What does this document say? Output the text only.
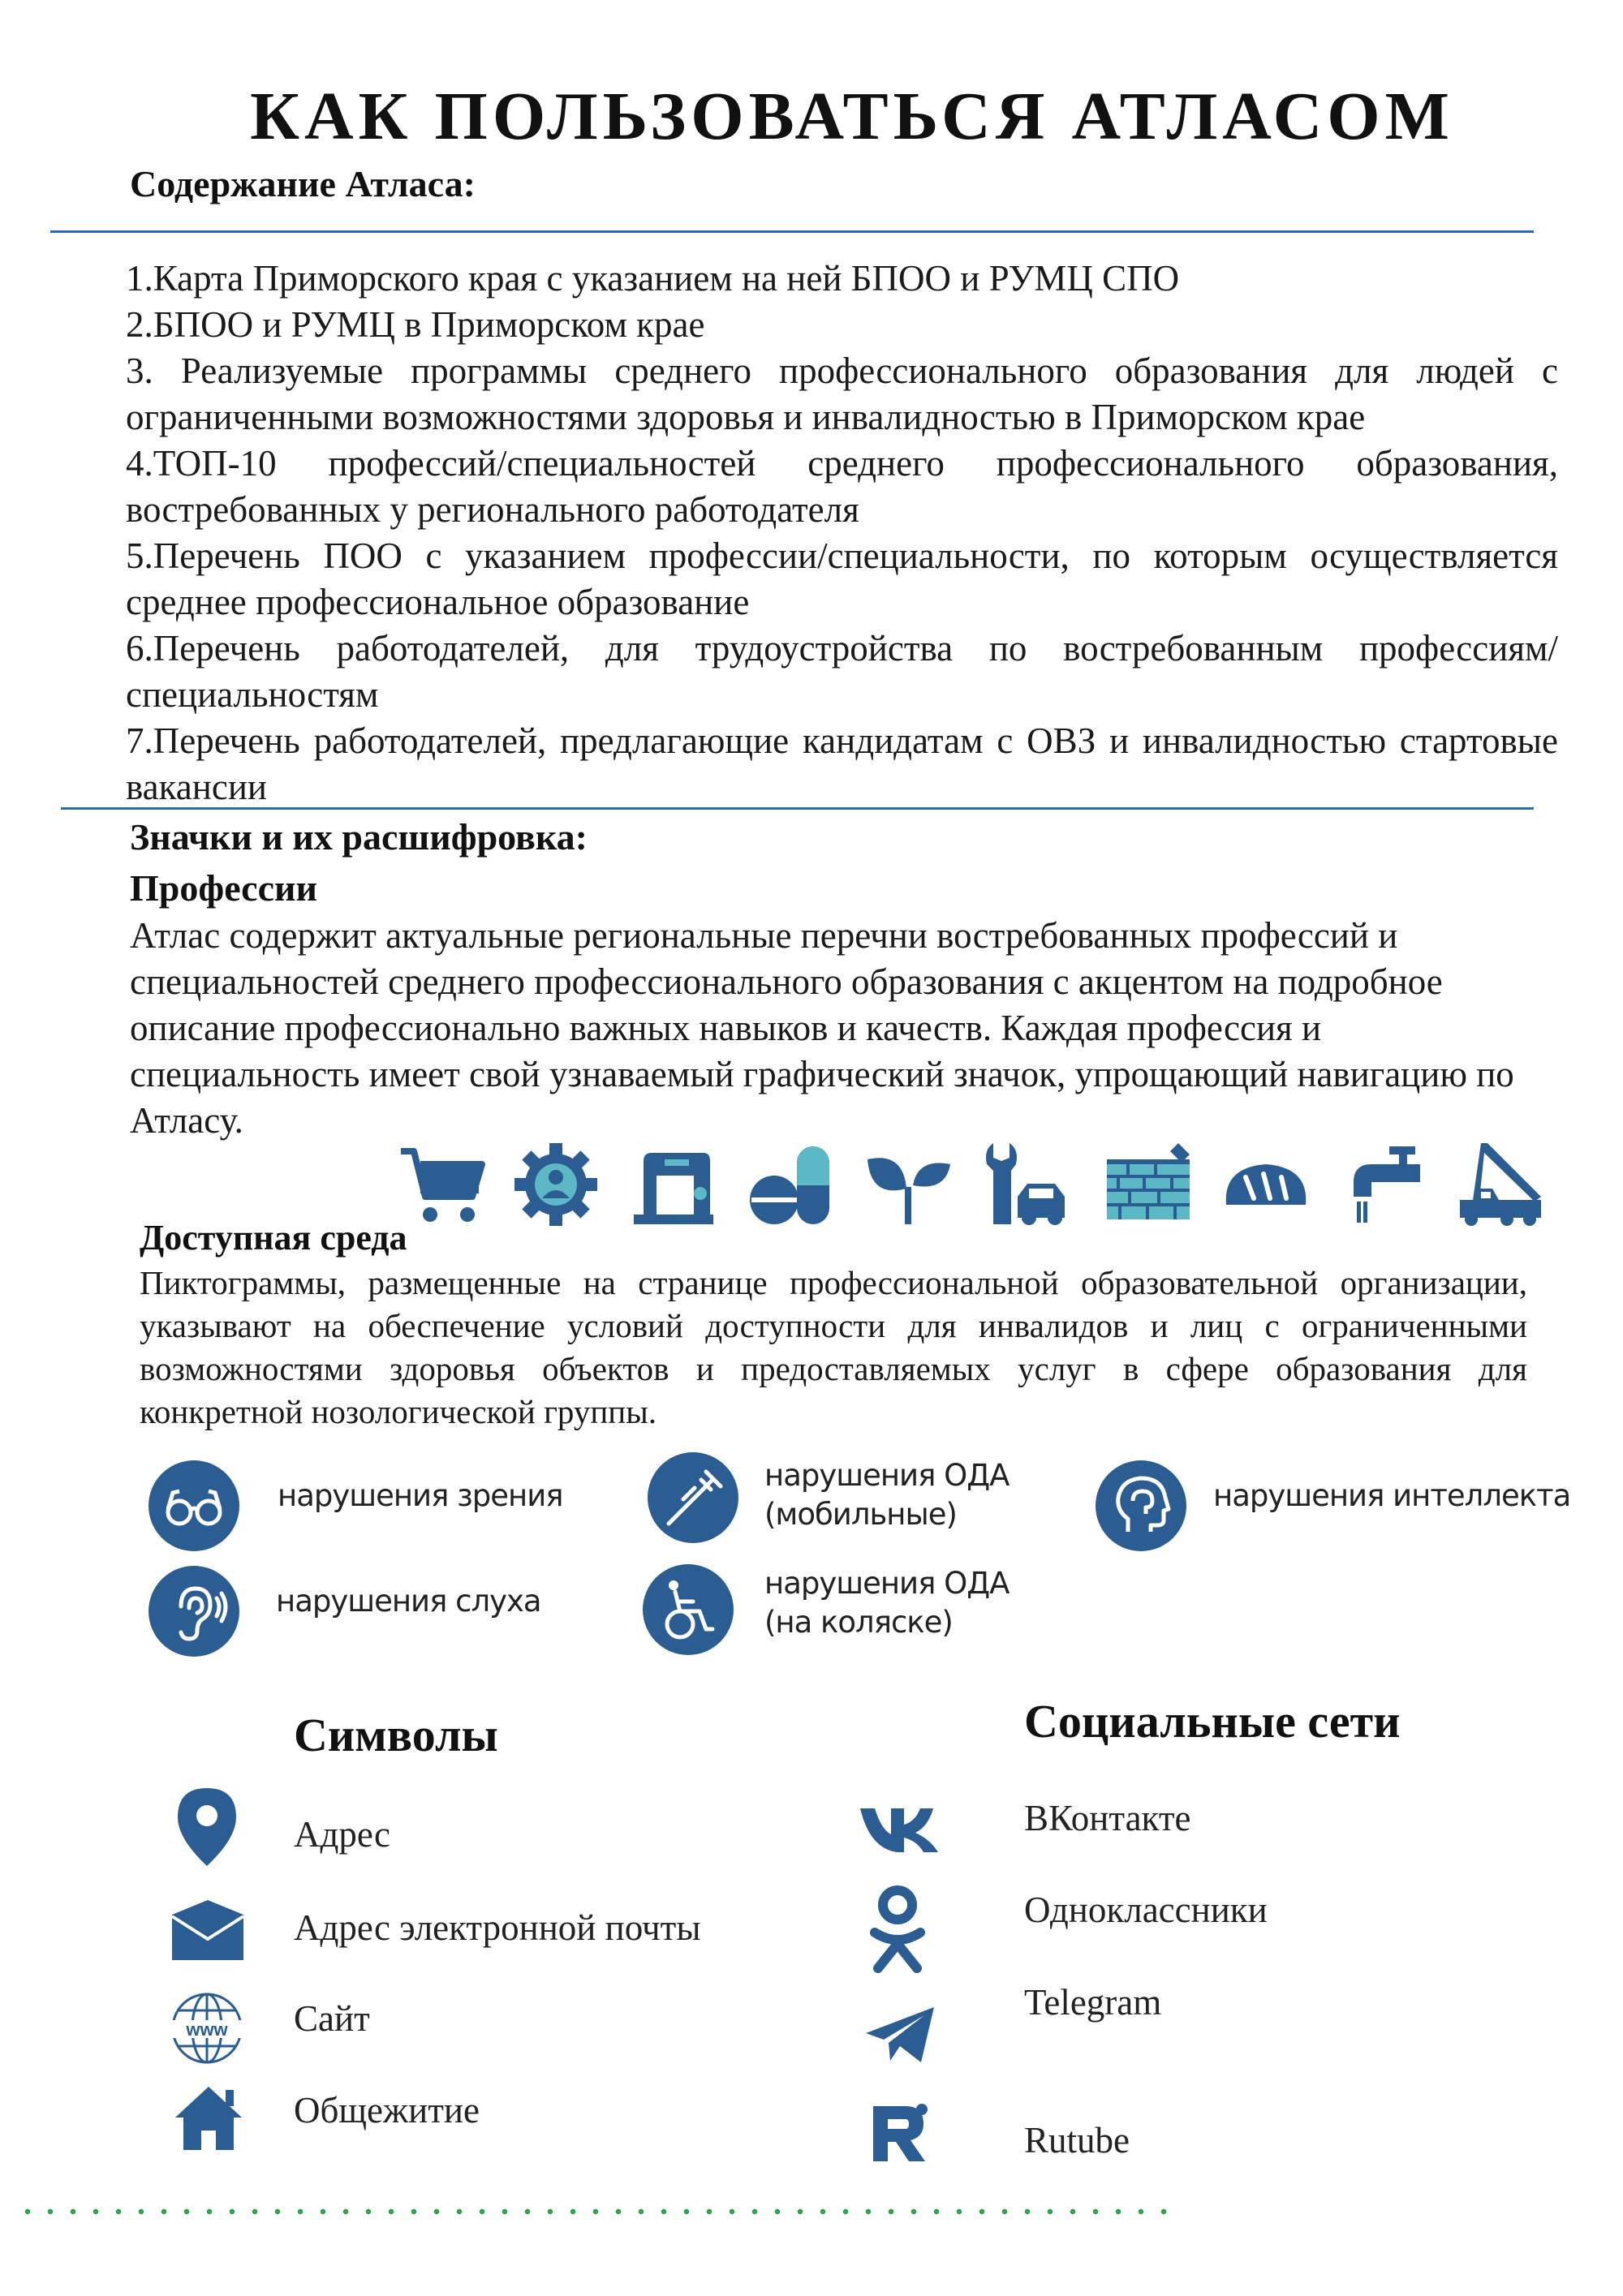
КАК ПОЛЬЗОВАТЬСЯ АТЛАСОМ
Содержание Атласа:
1.Карта Приморского края с указанием на ней БПОО и РУМЦ СПО
2.БПОО и РУМЦ в Приморском крае
3. Реализуемые программы среднего профессионального образования для людей с ограниченными возможностями здоровья и инвалидностью в Приморском крае
4.ТОП-10 профессий/специальностей среднего профессионального образования, востребованных у регионального работодателя
5.Перечень ПОО с указанием профессии/специальности, по которым осуществляется среднее профессиональное образование
6.Перечень работодателей, для трудоустройства по востребованным профессиям/специальностям
7.Перечень работодателей, предлагающие кандидатам с ОВЗ и инвалидностью стартовые вакансии
Значки и их расшифровка:
Профессии
Атлас содержит актуальные региональные перечни востребованных профессий и специальностей среднего профессионального образования с акцентом на подробное описание профессионально важных навыков и качеств. Каждая профессия и специальность имеет свой узнаваемый графический значок, упрощающий навигацию по Атласу.
Доступная среда
Пиктограммы, размещенные на странице профессиональной образовательной организации, указывают на обеспечение условий доступности для инвалидов и лиц с ограниченными возможностями здоровья объектов и предоставляемых услуг в сфере образования для конкретной нозологической группы.
нарушения зрения
нарушения ОДА
(мобильные)
нарушения интеллекта
нарушения слуха
нарушения ОДА
(на коляске)
Символы
Адрес
Адрес электронной почты
www Сайт
Общежитие
Социальные сети
ВКонтакте
Одноклассники
Telegram
Rutube
